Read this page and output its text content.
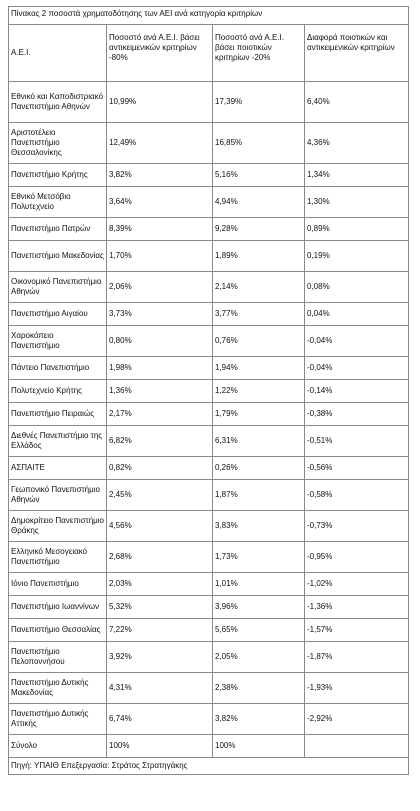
Πίνακας 2 ποσοστά χρηματοδότησης των ΑΕΙ ανά κατηγορία κριτηρίων			
Α.Ε.Ι.	Ποσοστό ανά Α.Ε.Ι. βάσει αντικειμενικών κριτηρίων -80%	Ποσοστό ανά Α.Ε.Ι. βάσει ποιοτικών κριτηρίων -20%	Διαφορά ποιοτικών και αντικειμενικών κριτηρίων
Εθνικό και Καποδιστριακό Πανεπιστήμιο Αθηνών	10,99%	17,39%	6,40%
Αριστοτέλειο Πανεπιστήμιο Θεσσαλονίκης	12,49%	16,85%	4,36%
Πανεπιστήμιο Κρήτης	3,82%	5,16%	1,34%
Εθνικό Μετσόβιο Πολυτεχνείο	3,64%	4,94%	1,30%
Πανεπιστήμιο Πατρών	8,39%	9,28%	0,89%
Πανεπιστήμιο Μακεδονίας	1,70%	1,89%	0,19%
Οικονομικό Πανεπιστήμιο Αθηνών	2,06%	2,14%	0,08%
Πανεπιστήμιο Αιγαίου	3,73%	3,77%	0,04%
Χαροκόπειο Πανεπιστήμιο	0,80%	0,76%	-0,04%
Πάντειο Πανεπιστήμιο	1,98%	1,94%	-0,04%
Πολυτεχνείο Κρήτης	1,36%	1,22%	-0,14%
Πανεπιστήμιο Πειραιώς	2,17%	1,79%	-0,38%
Διεθνές Πανεπιστήμιο της Ελλάδος	6,82%	6,31%	-0,51%
ΑΣΠΑΙΤΕ	0,82%	0,26%	-0,56%
Γεωπονικό Πανεπιστήμιο Αθηνών	2,45%	1,87%	-0,58%
Δημοκρίτειο Πανεπιστήμιο Θράκης	4,56%	3,83%	-0,73%
Ελληνικό Μεσογειακό Πανεπιστήμιο	2,68%	1,73%	-0,95%
Ιόνιο Πανεπιστήμιο	2,03%	1,01%	-1,02%
Πανεπιστήμιο Ιωαννίνων	5,32%	3,96%	-1,36%
Πανεπιστήμιο Θεσσαλίας	7,22%	5,65%	-1,57%
Πανεπιστήμιο Πελοποννήσου	3,92%	2,05%	-1,87%
Πανεπιστήμιο Δυτικής Μακεδονίας	4,31%	2,38%	-1,93%
Πανεπιστήμιο Δυτικής Αττικής	6,74%	3,82%	-2,92%
Σύνολο	100%	100%	
Πηγή: ΥΠΑΙΘ Επεξεργασία: Στράτος Στρατηγάκης			
